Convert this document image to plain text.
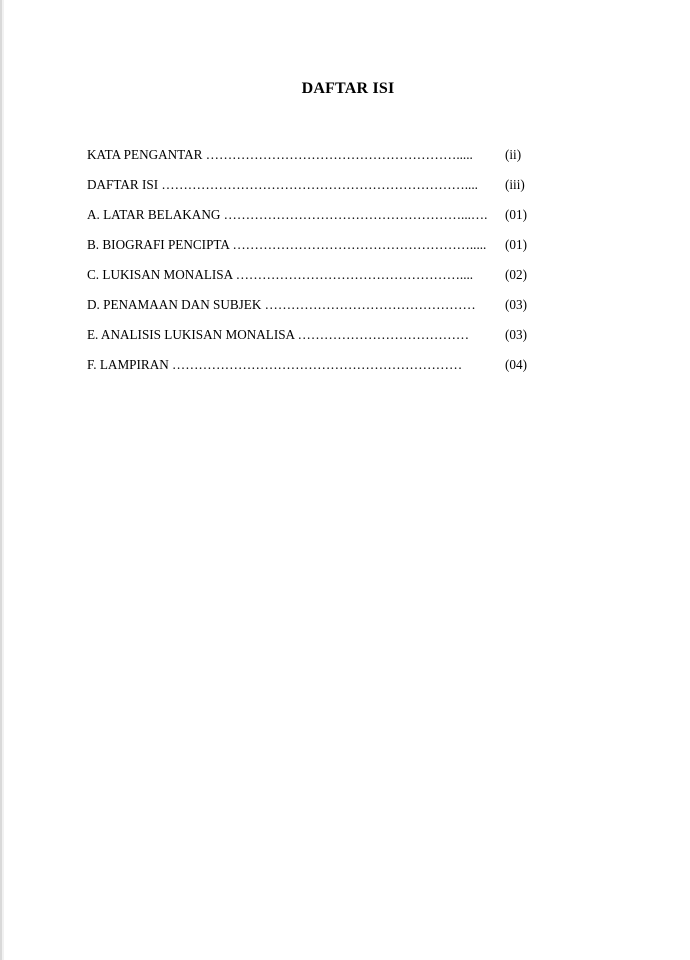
DAFTAR ISI
KATA PENGANTAR ………………………………………………….....	(ii)
DAFTAR ISI ……………………………………………………………....	(iii)
A. LATAR BELAKANG ………………………………………………...….	(01)
B. BIOGRAFI PENCIPTA ……………………………………………….....	(01)
C. LUKISAN MONALISA ……………………………………………....	(02)
D. PENAMAAN DAN SUBJEK …………………………………………	(03)
E. ANALISIS LUKISAN MONALISA …………………………………	(03)
F. LAMPIRAN …………………………………………………………	(04)
